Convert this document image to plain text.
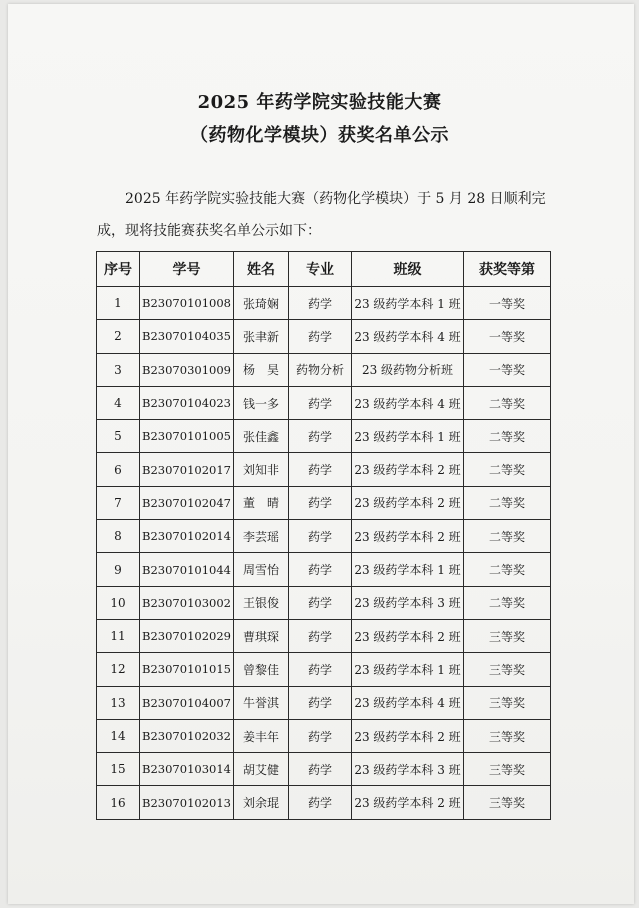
2025 年药学院实验技能大赛
（药物化学模块）获奖名单公示

2025 年药学院实验技能大赛（药物化学模块）于 5 月 28 日顺利完成，现将技能赛获奖名单公示如下：

序号	学号	姓名	专业	班级	获奖等第
1	B23070101008	张琦娴	药学	23 级药学本科 1 班	一等奖
2	B23070104035	张聿新	药学	23 级药学本科 4 班	一等奖
3	B23070301009	杨　昊	药物分析	23 级药物分析班	一等奖
4	B23070104023	钱一多	药学	23 级药学本科 4 班	二等奖
5	B23070101005	张佳鑫	药学	23 级药学本科 1 班	二等奖
6	B23070102017	刘知非	药学	23 级药学本科 2 班	二等奖
7	B23070102047	董　晴	药学	23 级药学本科 2 班	二等奖
8	B23070102014	李芸瑶	药学	23 级药学本科 2 班	二等奖
9	B23070101044	周雪怡	药学	23 级药学本科 1 班	二等奖
10	B23070103002	王银俊	药学	23 级药学本科 3 班	二等奖
11	B23070102029	曹琪琛	药学	23 级药学本科 2 班	三等奖
12	B23070101015	曾黎佳	药学	23 级药学本科 1 班	三等奖
13	B23070104007	牛誉淇	药学	23 级药学本科 4 班	三等奖
14	B23070102032	姜丰年	药学	23 级药学本科 2 班	三等奖
15	B23070103014	胡艾健	药学	23 级药学本科 3 班	三等奖
16	B23070102013	刘余琨	药学	23 级药学本科 2 班	三等奖
